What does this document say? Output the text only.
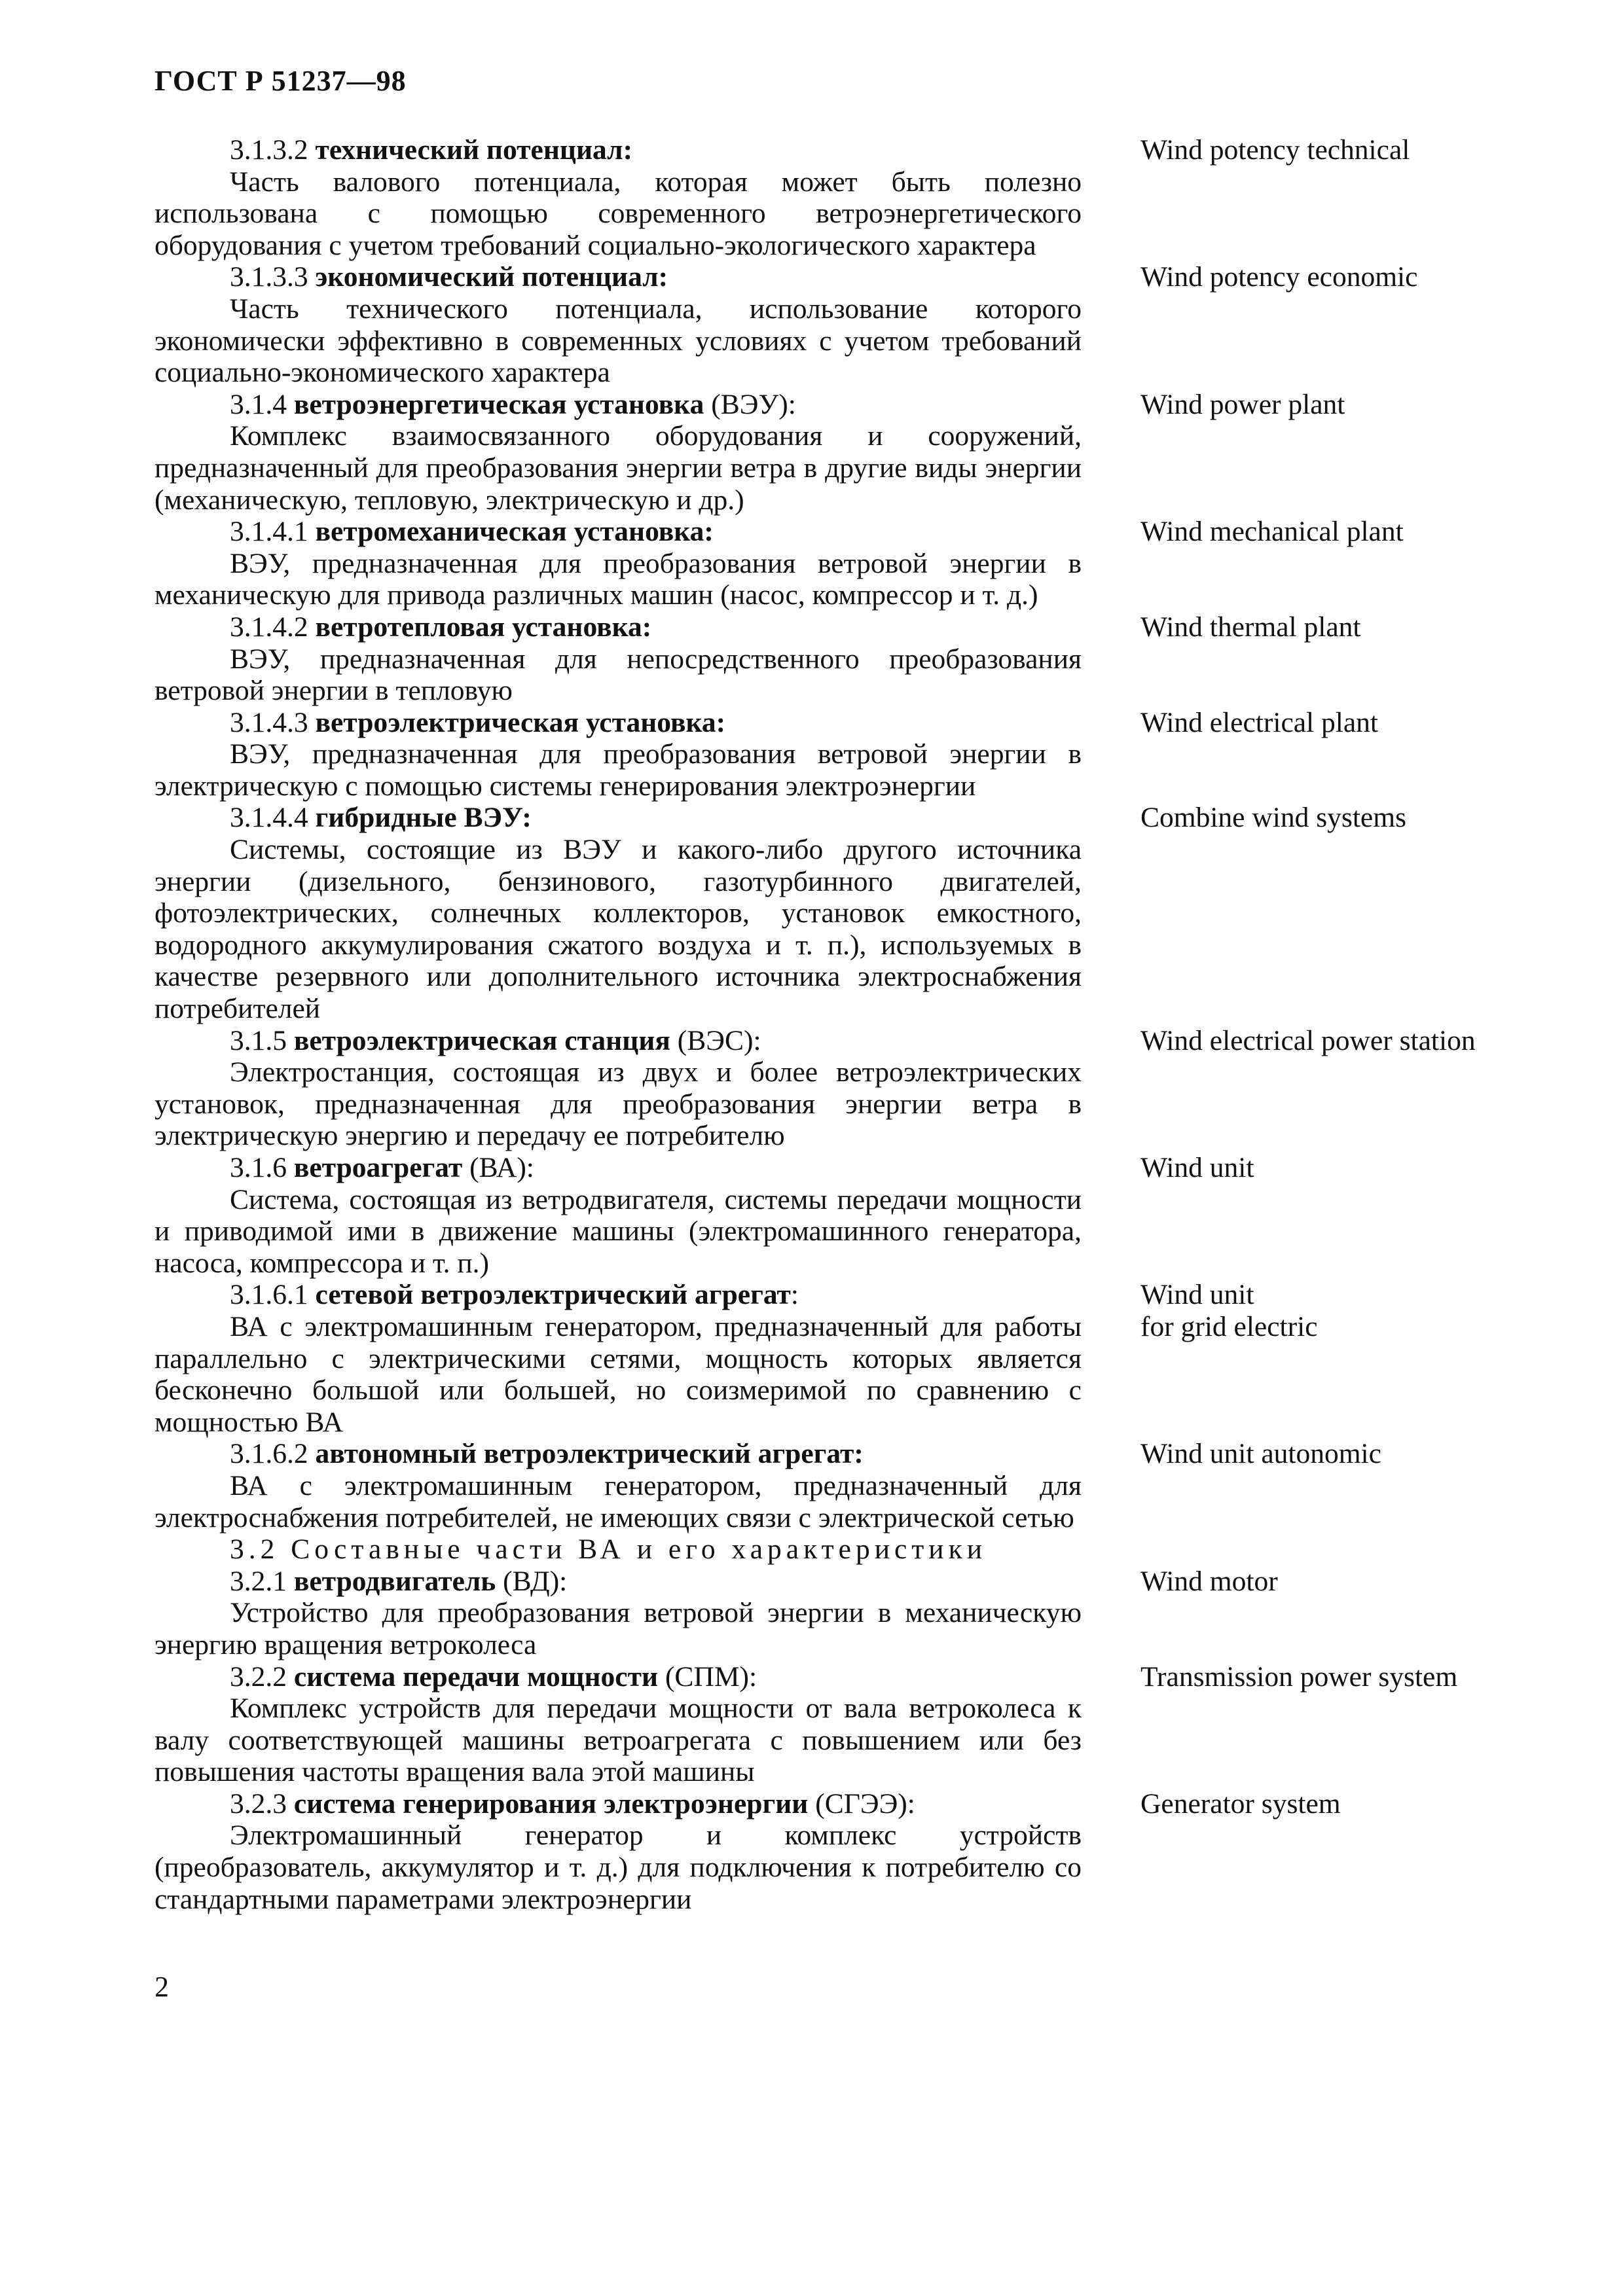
ГОСТ Р 51237—98
3.1.3.2 технический потенциал:
Часть валового потенциала, которая может быть полезно использована с помощью современного ветроэнергетического оборудования с учетом требований социально-экологического характера
Wind potency technical
3.1.3.3 экономический потенциал:
Часть технического потенциала, использование которого экономически эффективно в современных условиях с учетом требований социально-экономического характера
Wind potency economic
3.1.4 ветроэнергетическая установка (ВЭУ):
Комплекс взаимосвязанного оборудования и сооружений, предназначенный для преобразования энергии ветра в другие виды энергии (механическую, тепловую, электрическую и др.)
Wind power plant
3.1.4.1 ветромеханическая установка:
ВЭУ, предназначенная для преобразования ветровой энергии в механическую для привода различных машин (насос, компрессор и т. д.)
Wind mechanical plant
3.1.4.2 ветротепловая установка:
ВЭУ, предназначенная для непосредственного преобразования ветровой энергии в тепловую
Wind thermal plant
3.1.4.3 ветроэлектрическая установка:
ВЭУ, предназначенная для преобразования ветровой энергии в электрическую с помощью системы генерирования электроэнергии
Wind electrical plant
3.1.4.4 гибридные ВЭУ:
Системы, состоящие из ВЭУ и какого-либо другого источника энергии (дизельного, бензинового, газотурбинного двигателей, фотоэлектрических, солнечных коллекторов, установок емкостного, водородного аккумулирования сжатого воздуха и т. п.), используемых в качестве резервного или дополнительного источника электроснабжения потребителей
Combine wind systems
3.1.5 ветроэлектрическая станция (ВЭС):
Электростанция, состоящая из двух и более ветроэлектрических установок, предназначенная для преобразования энергии ветра в электрическую энергию и передачу ее потребителю
Wind electrical power station
3.1.6 ветроагрегат (ВА):
Система, состоящая из ветродвигателя, системы передачи мощности и приводимой ими в движение машины (электромашинного генератора, насоса, компрессора и т. п.)
Wind unit
3.1.6.1 сетевой ветроэлектрический агрегат:
ВА с электромашинным генератором, предназначенный для работы параллельно с электрическими сетями, мощность которых является бесконечно большой или большей, но соизмеримой по сравнению с мощностью ВА
Wind unit
for grid electric
3.1.6.2 автономный ветроэлектрический агрегат:
ВА с электромашинным генератором, предназначенный для электроснабжения потребителей, не имеющих связи с электрической сетью
Wind unit autonomic
3.2 Составные части ВА и его характеристики
3.2.1 ветродвигатель (ВД):
Устройство для преобразования ветровой энергии в механическую энергию вращения ветроколеса
Wind motor
3.2.2 система передачи мощности (СПМ):
Комплекс устройств для передачи мощности от вала ветроколеса к валу соответствующей машины ветроагрегата с повышением или без повышения частоты вращения вала этой машины
Transmission power system
3.2.3 система генерирования электроэнергии (СГЭЭ):
Электромашинный генератор и комплекс устройств (преобразователь, аккумулятор и т. д.) для подключения к потребителю со стандартными параметрами электроэнергии
Generator system
2
